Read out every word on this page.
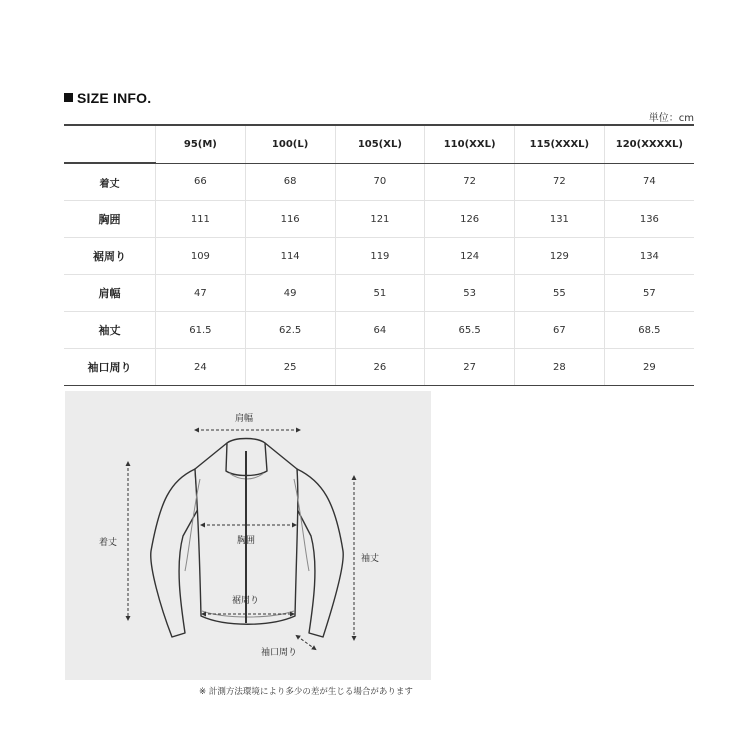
SIZE INFO.
単位：cm
	95(M)	100(L)	105(XL)	110(XXL)	115(XXXL)	120(XXXXL)
着丈	66	68	70	72	72	74
胸囲	111	116	121	126	131	136
裾周り	109	114	119	124	129	134
肩幅	47	49	51	53	55	57
袖丈	61.5	62.5	64	65.5	67	68.5
袖口周り	24	25	26	27	28	29
肩幅
着丈	胸囲
裾周り
袖丈
袖口周り
※ 計測方法環境により多少の差が生じる場合があります
